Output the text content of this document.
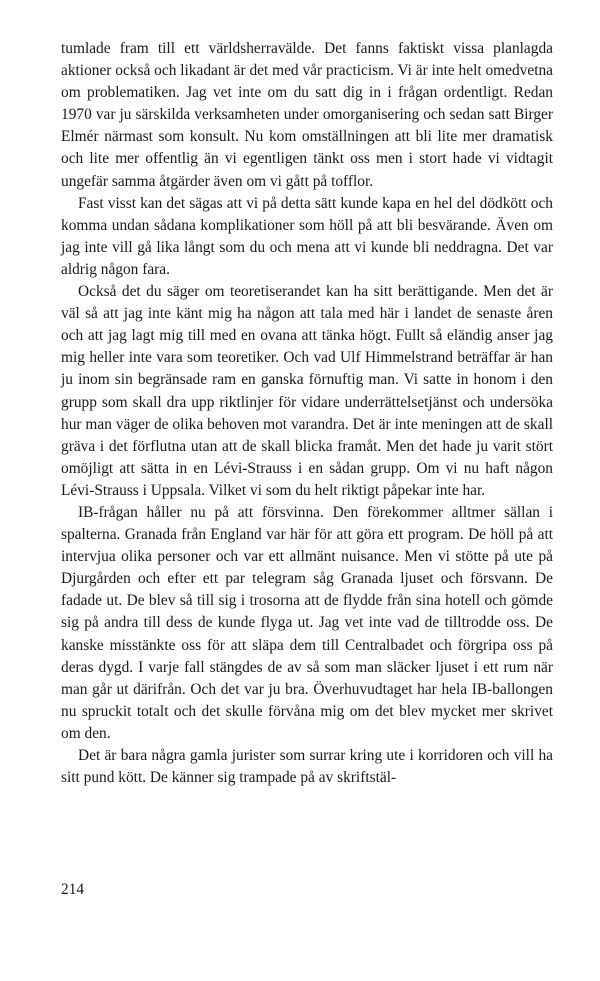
tumlade fram till ett världsherravälde. Det fanns faktiskt vissa planlagda aktioner också och likadant är det med vår practicism. Vi är inte helt omedvetna om problematiken. Jag vet inte om du satt dig in i frågan ordentligt. Redan 1970 var ju särskilda verksamheten under omorganisering och sedan satt Birger Elmér närmast som konsult. Nu kom omställningen att bli lite mer dramatisk och lite mer offentlig än vi egentligen tänkt oss men i stort hade vi vidtagit ungefär samma åtgärder även om vi gått på tofflor.

Fast visst kan det sägas att vi på detta sätt kunde kapa en hel del dödkött och komma undan sådana komplikationer som höll på att bli besvärande. Även om jag inte vill gå lika långt som du och mena att vi kunde bli neddragna. Det var aldrig någon fara.

Också det du säger om teoretiserandet kan ha sitt berättigande. Men det är väl så att jag inte känt mig ha någon att tala med här i landet de senaste åren och att jag lagt mig till med en ovana att tänka högt. Fullt så eländig anser jag mig heller inte vara som teoretiker. Och vad Ulf Himmelstrand beträffar är han ju inom sin begränsade ram en ganska förnuftig man. Vi satte in honom i den grupp som skall dra upp riktlinjer för vidare underrättelsetjänst och undersöka hur man väger de olika behoven mot varandra. Det är inte meningen att de skall gräva i det förflutna utan att de skall blicka framåt. Men det hade ju varit stört omöjligt att sätta in en Lévi-Strauss i en sådan grupp. Om vi nu haft någon Lévi-Strauss i Uppsala. Vilket vi som du helt riktigt påpekar inte har.

IB-frågan håller nu på att försvinna. Den förekommer alltmer sällan i spalterna. Granada från England var här för att göra ett program. De höll på att intervjua olika personer och var ett allmänt nuisance. Men vi stötte på ute på Djurgården och efter ett par telegram såg Granada ljuset och försvann. De fadade ut. De blev så till sig i trosorna att de flydde från sina hotell och gömde sig på andra till dess de kunde flyga ut. Jag vet inte vad de tilltrodde oss. De kanske misstänkte oss för att släpa dem till Centralbadet och förgripa oss på deras dygd. I varje fall stängdes de av så som man släcker ljuset i ett rum när man går ut därifrån. Och det var ju bra. Överhuvudtaget har hela IB-ballongen nu spruckit totalt och det skulle förvåna mig om det blev mycket mer skrivet om den.

Det är bara några gamla jurister som surrar kring ute i korridoren och vill ha sitt pund kött. De känner sig trampade på av skriftstäl-

214
